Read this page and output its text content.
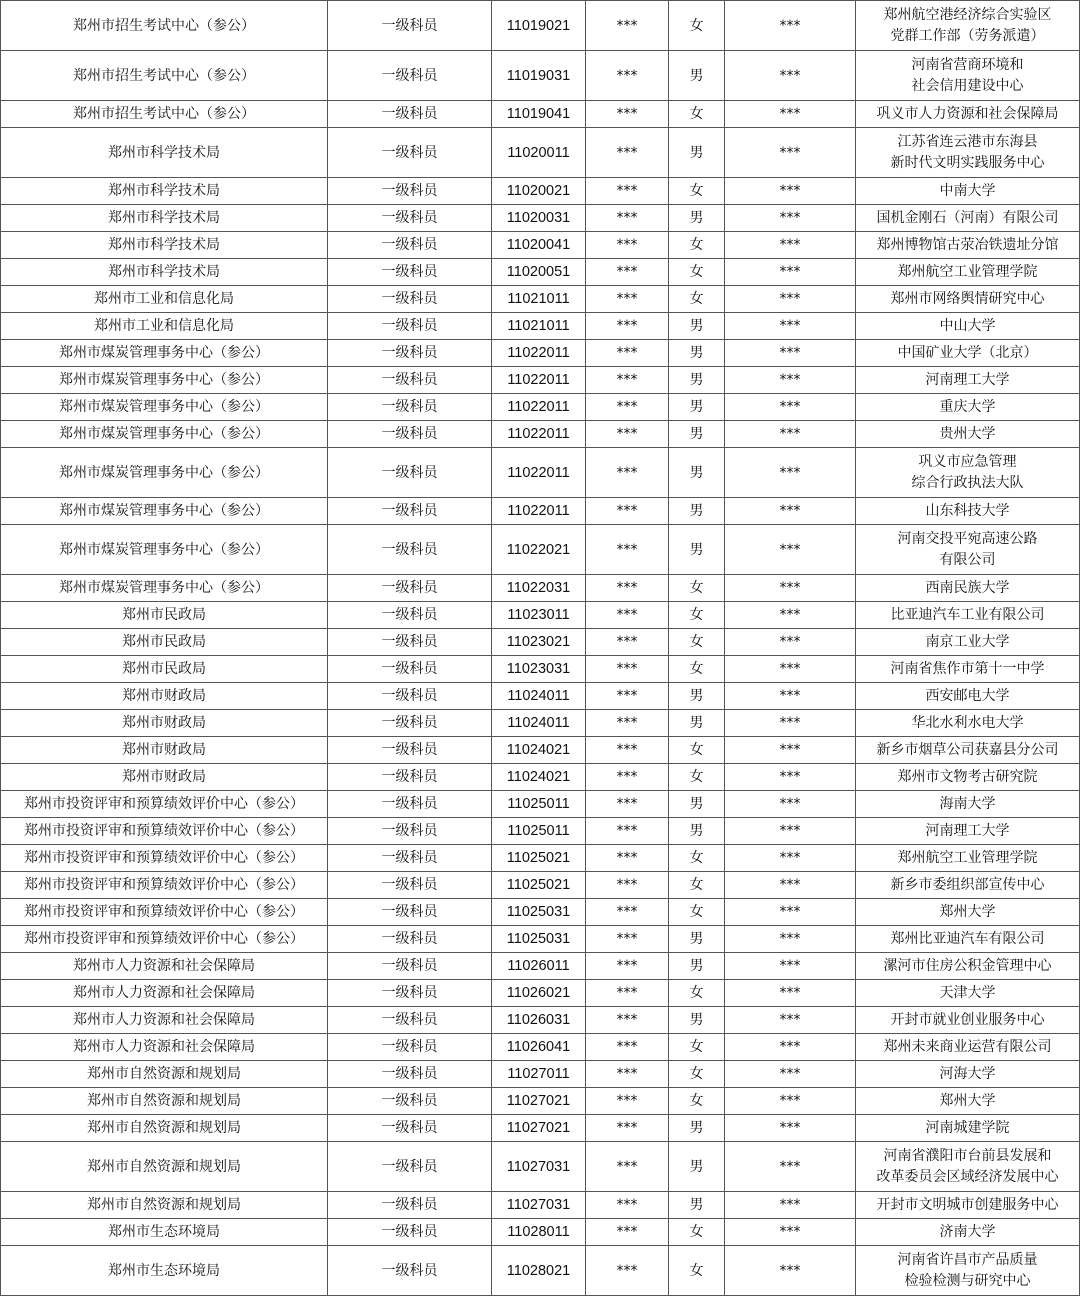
郑州市招生考试中心（参公）	一级科员	11019021	***	女	***	郑州航空港经济综合实验区
党群工作部（劳务派遣）
郑州市招生考试中心（参公）	一级科员	11019031	***	男	***	河南省营商环境和
社会信用建设中心
郑州市招生考试中心（参公）	一级科员	11019041	***	女	***	巩义市人力资源和社会保障局
郑州市科学技术局	一级科员	11020011	***	男	***	江苏省连云港市东海县
新时代文明实践服务中心
郑州市科学技术局	一级科员	11020021	***	女	***	中南大学
郑州市科学技术局	一级科员	11020031	***	男	***	国机金刚石（河南）有限公司
郑州市科学技术局	一级科员	11020041	***	女	***	郑州博物馆古荥冶铁遗址分馆
郑州市科学技术局	一级科员	11020051	***	女	***	郑州航空工业管理学院
郑州市工业和信息化局	一级科员	11021011	***	女	***	郑州市网络舆情研究中心
郑州市工业和信息化局	一级科员	11021011	***	男	***	中山大学
郑州市煤炭管理事务中心（参公）	一级科员	11022011	***	男	***	中国矿业大学（北京）
郑州市煤炭管理事务中心（参公）	一级科员	11022011	***	男	***	河南理工大学
郑州市煤炭管理事务中心（参公）	一级科员	11022011	***	男	***	重庆大学
郑州市煤炭管理事务中心（参公）	一级科员	11022011	***	男	***	贵州大学
郑州市煤炭管理事务中心（参公）	一级科员	11022011	***	男	***	巩义市应急管理
综合行政执法大队
郑州市煤炭管理事务中心（参公）	一级科员	11022011	***	男	***	山东科技大学
郑州市煤炭管理事务中心（参公）	一级科员	11022021	***	男	***	河南交投平宛高速公路
有限公司
郑州市煤炭管理事务中心（参公）	一级科员	11022031	***	女	***	西南民族大学
郑州市民政局	一级科员	11023011	***	女	***	比亚迪汽车工业有限公司
郑州市民政局	一级科员	11023021	***	女	***	南京工业大学
郑州市民政局	一级科员	11023031	***	女	***	河南省焦作市第十一中学
郑州市财政局	一级科员	11024011	***	男	***	西安邮电大学
郑州市财政局	一级科员	11024011	***	男	***	华北水利水电大学
郑州市财政局	一级科员	11024021	***	女	***	新乡市烟草公司获嘉县分公司
郑州市财政局	一级科员	11024021	***	女	***	郑州市文物考古研究院
郑州市投资评审和预算绩效评价中心（参公）	一级科员	11025011	***	男	***	海南大学
郑州市投资评审和预算绩效评价中心（参公）	一级科员	11025011	***	男	***	河南理工大学
郑州市投资评审和预算绩效评价中心（参公）	一级科员	11025021	***	女	***	郑州航空工业管理学院
郑州市投资评审和预算绩效评价中心（参公）	一级科员	11025021	***	女	***	新乡市委组织部宣传中心
郑州市投资评审和预算绩效评价中心（参公）	一级科员	11025031	***	女	***	郑州大学
郑州市投资评审和预算绩效评价中心（参公）	一级科员	11025031	***	男	***	郑州比亚迪汽车有限公司
郑州市人力资源和社会保障局	一级科员	11026011	***	男	***	漯河市住房公积金管理中心
郑州市人力资源和社会保障局	一级科员	11026021	***	女	***	天津大学
郑州市人力资源和社会保障局	一级科员	11026031	***	男	***	开封市就业创业服务中心
郑州市人力资源和社会保障局	一级科员	11026041	***	女	***	郑州未来商业运营有限公司
郑州市自然资源和规划局	一级科员	11027011	***	女	***	河海大学
郑州市自然资源和规划局	一级科员	11027021	***	女	***	郑州大学
郑州市自然资源和规划局	一级科员	11027021	***	男	***	河南城建学院
郑州市自然资源和规划局	一级科员	11027031	***	男	***	河南省濮阳市台前县发展和
改革委员会区域经济发展中心
郑州市自然资源和规划局	一级科员	11027031	***	男	***	开封市文明城市创建服务中心
郑州市生态环境局	一级科员	11028011	***	女	***	济南大学
郑州市生态环境局	一级科员	11028021	***	女	***	河南省许昌市产品质量
检验检测与研究中心
